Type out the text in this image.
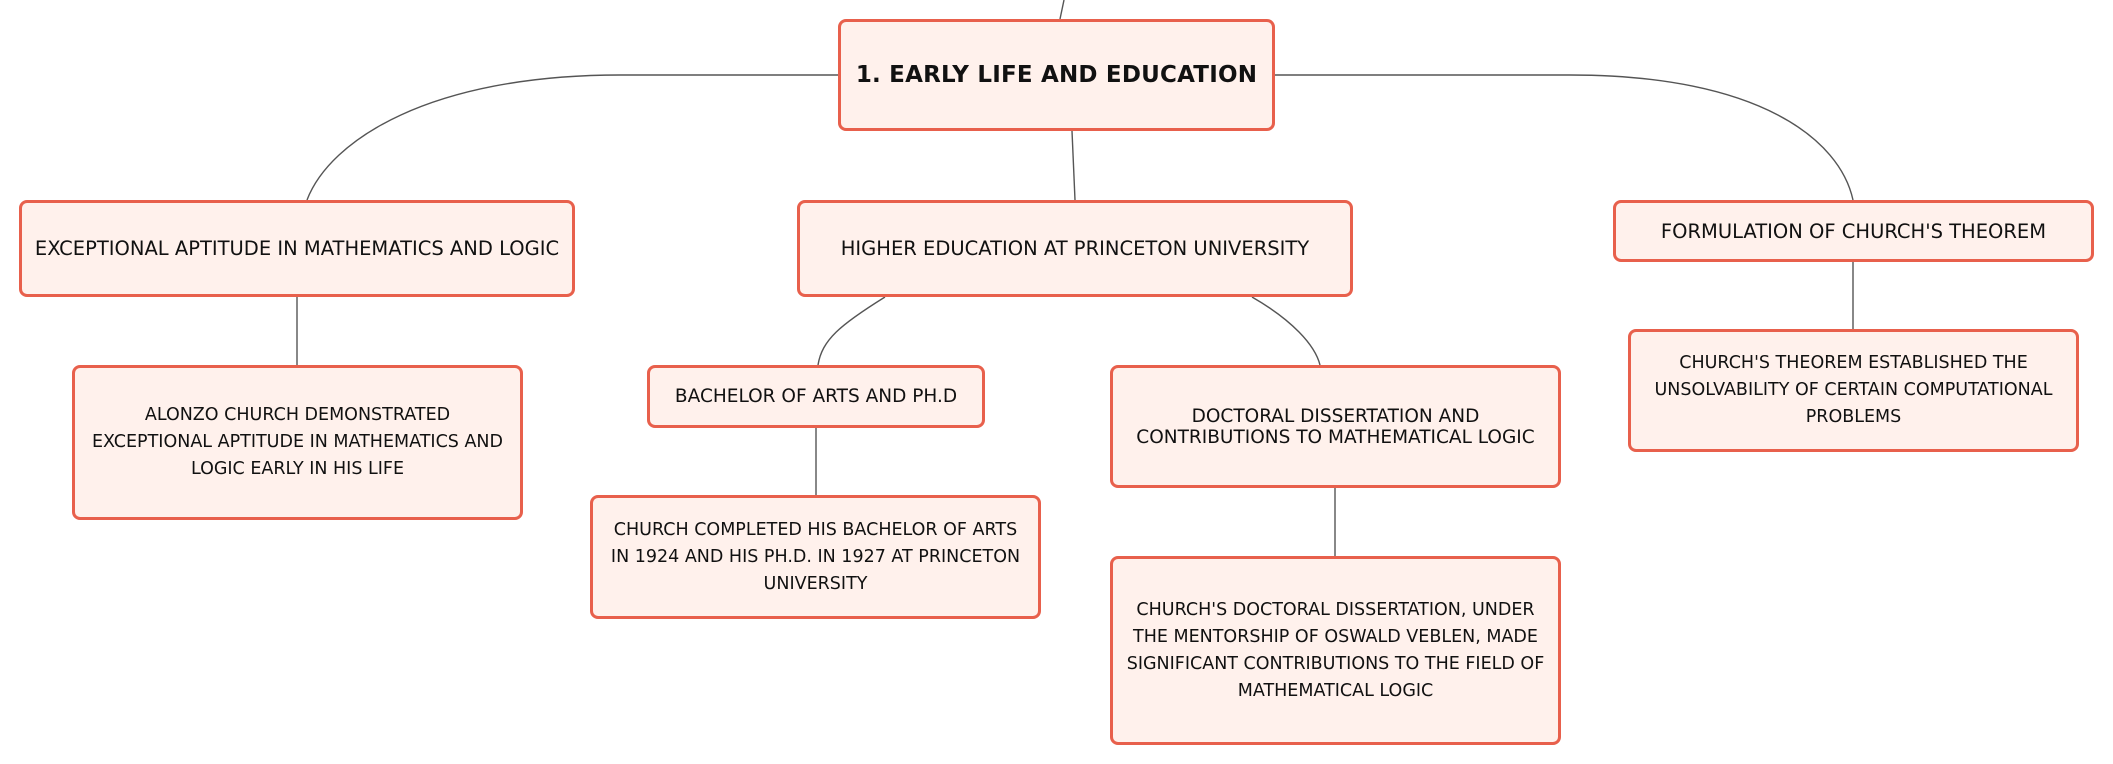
1. EARLY LIFE AND EDUCATION
EXCEPTIONAL APTITUDE IN MATHEMATICS AND LOGIC	HIGHER EDUCATION AT PRINCETON UNIVERSITY
FORMULATION OF CHURCH'S THEOREM
ALONZO CHURCH DEMONSTRATED EXCEPTIONAL APTITUDE IN MATHEMATICS AND LOGIC EARLY IN HIS LIFE
BACHELOR OF ARTS AND PH.D
DOCTORAL DISSERTATION AND CONTRIBUTIONS TO MATHEMATICAL LOGIC
CHURCH'S THEOREM ESTABLISHED THE UNSOLVABILITY OF CERTAIN COMPUTATIONAL PROBLEMS
CHURCH COMPLETED HIS BACHELOR OF ARTS IN 1924 AND HIS PH.D. IN 1927 AT PRINCETON UNIVERSITY
CHURCH'S DOCTORAL DISSERTATION, UNDER THE MENTORSHIP OF OSWALD VEBLEN, MADE SIGNIFICANT CONTRIBUTIONS TO THE FIELD OF MATHEMATICAL LOGIC
